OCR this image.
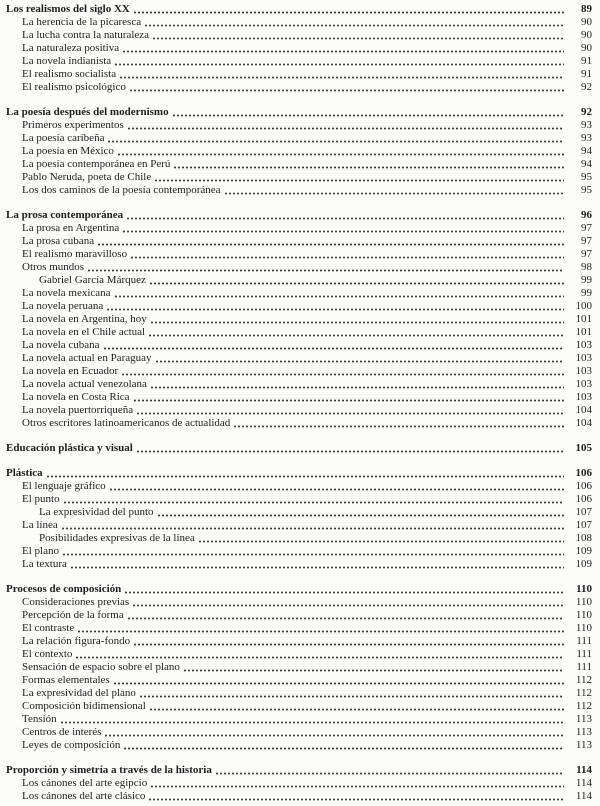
Los realismos del siglo XX	89
La herencia de la picaresca	90
La lucha contra la naturaleza	90
La naturaleza positiva	90
La novela indianista	91
El realismo socialista	91
El realismo psicológico	92
La poesía después del modernismo	92
Primeros experimentos	93
La poesía caribeña	93
La poesía en México	94
La poesía contemporánea en Perú	94
Pablo Neruda, poeta de Chile	95
Los dos caminos de la poesía contemporánea	95
La prosa contemporánea	96
La prosa en Argentina	97
La prosa cubana	97
El realismo maravilloso	97
Otros mundos	98
Gabriel García Márquez	99
La novela mexicana	99
La novela peruana	100
La novela en Argentina, hoy	101
La novela en el Chile actual	101
La novela cubana	103
La novela actual en Paraguay	103
La novela en Ecuador	103
La novela actual venezolana	103
La novela en Costa Rica	103
La novela puertorriqueña	104
Otros escritores latinoamericanos de actualidad	104
Educación plástica y visual	105
Plástica	106
El lenguaje gráfico	106
El punto	106
La expresividad del punto	107
La línea	107
Posibilidades expresivas de la línea	108
El plano	109
La textura	109
Procesos de composición	110
Consideraciones previas	110
Percepción de la forma	110
El contraste	110
La relación figura-fondo	111
El contexto	111
Sensación de espacio sobre el plano	111
Formas elementales	112
La expresividad del plano	112
Composición bidimensional	112
Tensión	113
Centros de interés	113
Leyes de composición	113
Proporción y simetría a través de la historia	114
Los cánones del arte egipcio	114
Los cánones del arte clásico	114
